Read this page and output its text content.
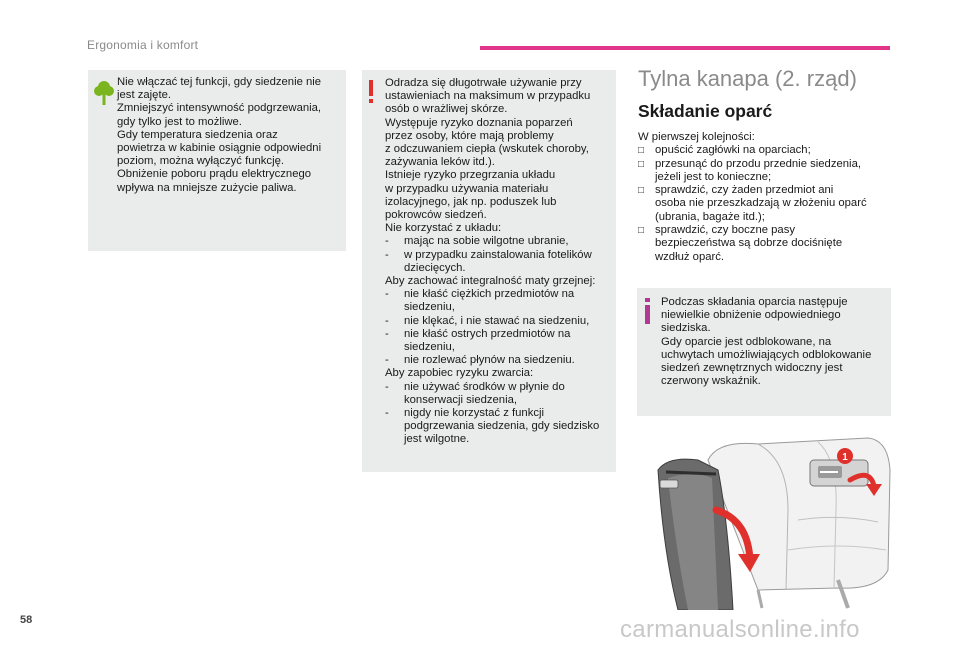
Ergonomia i komfort
Nie włączać tej funkcji, gdy siedzenie nie
jest zajęte.
Zmniejszyć intensywność podgrzewania,
gdy tylko jest to możliwe.
Gdy temperatura siedzenia oraz
powietrza w kabinie osiągnie odpowiedni
poziom, można wyłączyć funkcję.
Obniżenie poboru prądu elektrycznego
wpływa na mniejsze zużycie paliwa.
Odradza się długotrwałe używanie przy
ustawieniach na maksimum w przypadku
osób o wrażliwej skórze.
Występuje ryzyko doznania poparzeń
przez osoby, które mają problemy
z odczuwaniem ciepła (wskutek choroby,
zażywania leków itd.).
Istnieje ryzyko przegrzania układu
w przypadku używania materiału
izolacyjnego, jak np. poduszek lub
pokrowców siedzeń.
Nie korzystać z układu:
- mając na sobie wilgotne ubranie,
- w przypadku zainstalowania fotelików
dziecięcych.
Aby zachować integralność maty grzejnej:
- nie kłaść ciężkich przedmiotów na
siedzeniu,
- nie klękać, i nie stawać na siedzeniu,
- nie kłaść ostrych przedmiotów na
siedzeniu,
- nie rozlewać płynów na siedzeniu.
Aby zapobiec ryzyku zwarcia:
- nie używać środków w płynie do
konserwacji siedzenia,
- nigdy nie korzystać z funkcji
podgrzewania siedzenia, gdy siedzisko
jest wilgotne.
Tylna kanapa (2. rząd)
Składanie oparć
W pierwszej kolejności:
□ opuścić zagłówki na oparciach;
□ przesunąć do przodu przednie siedzenia,
jeżeli jest to konieczne;
□ sprawdzić, czy żaden przedmiot ani
osoba nie przeszkadzają w złożeniu oparć
(ubrania, bagaże itd.);
□ sprawdzić, czy boczne pasy
bezpieczeństwa są dobrze dociśnięte
wzdłuż oparć.
Podczas składania oparcia następuje
niewielkie obniżenie odpowiedniego
siedziska.
Gdy oparcie jest odblokowane, na
uchwytach umożliwiających odblokowanie
siedzeń zewnętrznych widoczny jest
czerwony wskaźnik.
1
58	carmanualsonline.info
